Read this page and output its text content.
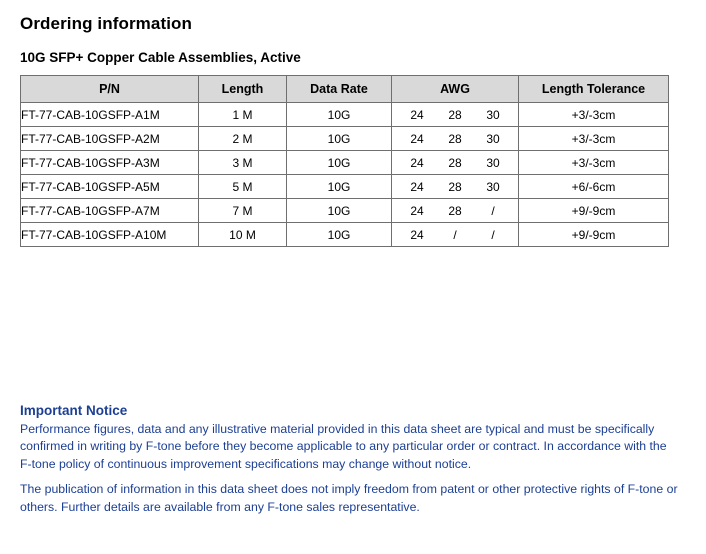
Ordering information
10G SFP+ Copper Cable Assemblies, Active
P/N	Length	Data Rate	AWG	Length Tolerance
FT-77-CAB-10GSFP-A1M	1 M	10G	24 28 30	+3/-3cm
FT-77-CAB-10GSFP-A2M	2 M	10G	24 28 30	+3/-3cm
FT-77-CAB-10GSFP-A3M	3 M	10G	24 28 30	+3/-3cm
FT-77-CAB-10GSFP-A5M	5 M	10G	24 28 30	+6/-6cm
FT-77-CAB-10GSFP-A7M	7 M	10G	24 28 /	+9/-9cm
FT-77-CAB-10GSFP-A10M	10 M	10G	24 / /	+9/-9cm
Important Notice

Performance figures, data and any illustrative material provided in this data sheet are typical and must be specifically confirmed in writing by F-tone before they become applicable to any particular order or contract. In accordance with the F-tone policy of continuous improvement specifications may change without notice.

The publication of information in this data sheet does not imply freedom from patent or other protective rights of F-tone or others. Further details are available from any F-tone sales representative.
